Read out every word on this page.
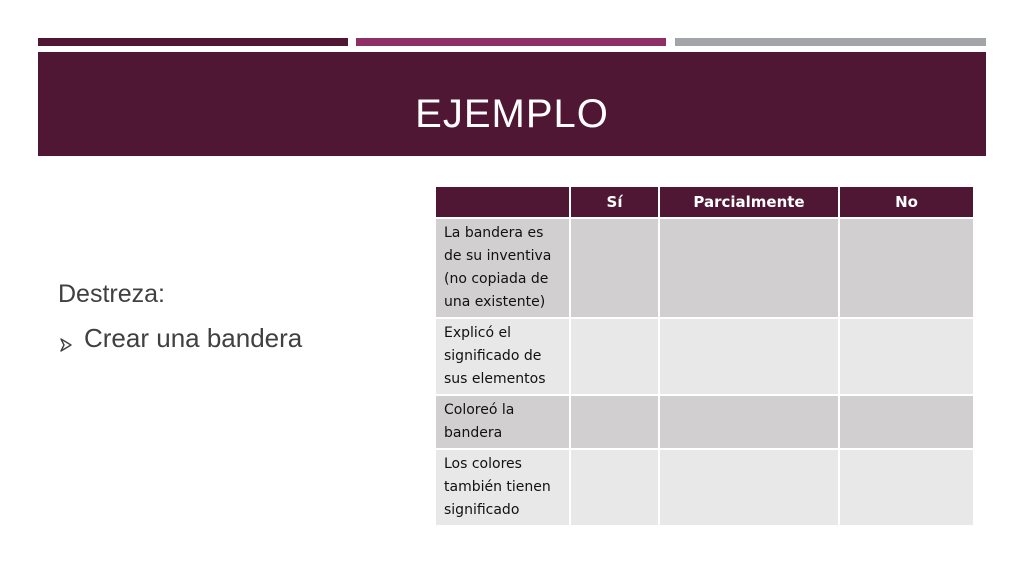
EJEMPLO
Destreza:
Crear una bandera
	Sí	Parcialmente	No
La bandera es de su inventiva (no copiada de una existente)			
Explicó el significado de sus elementos			
Coloreó la bandera			
Los colores también tienen significado			
